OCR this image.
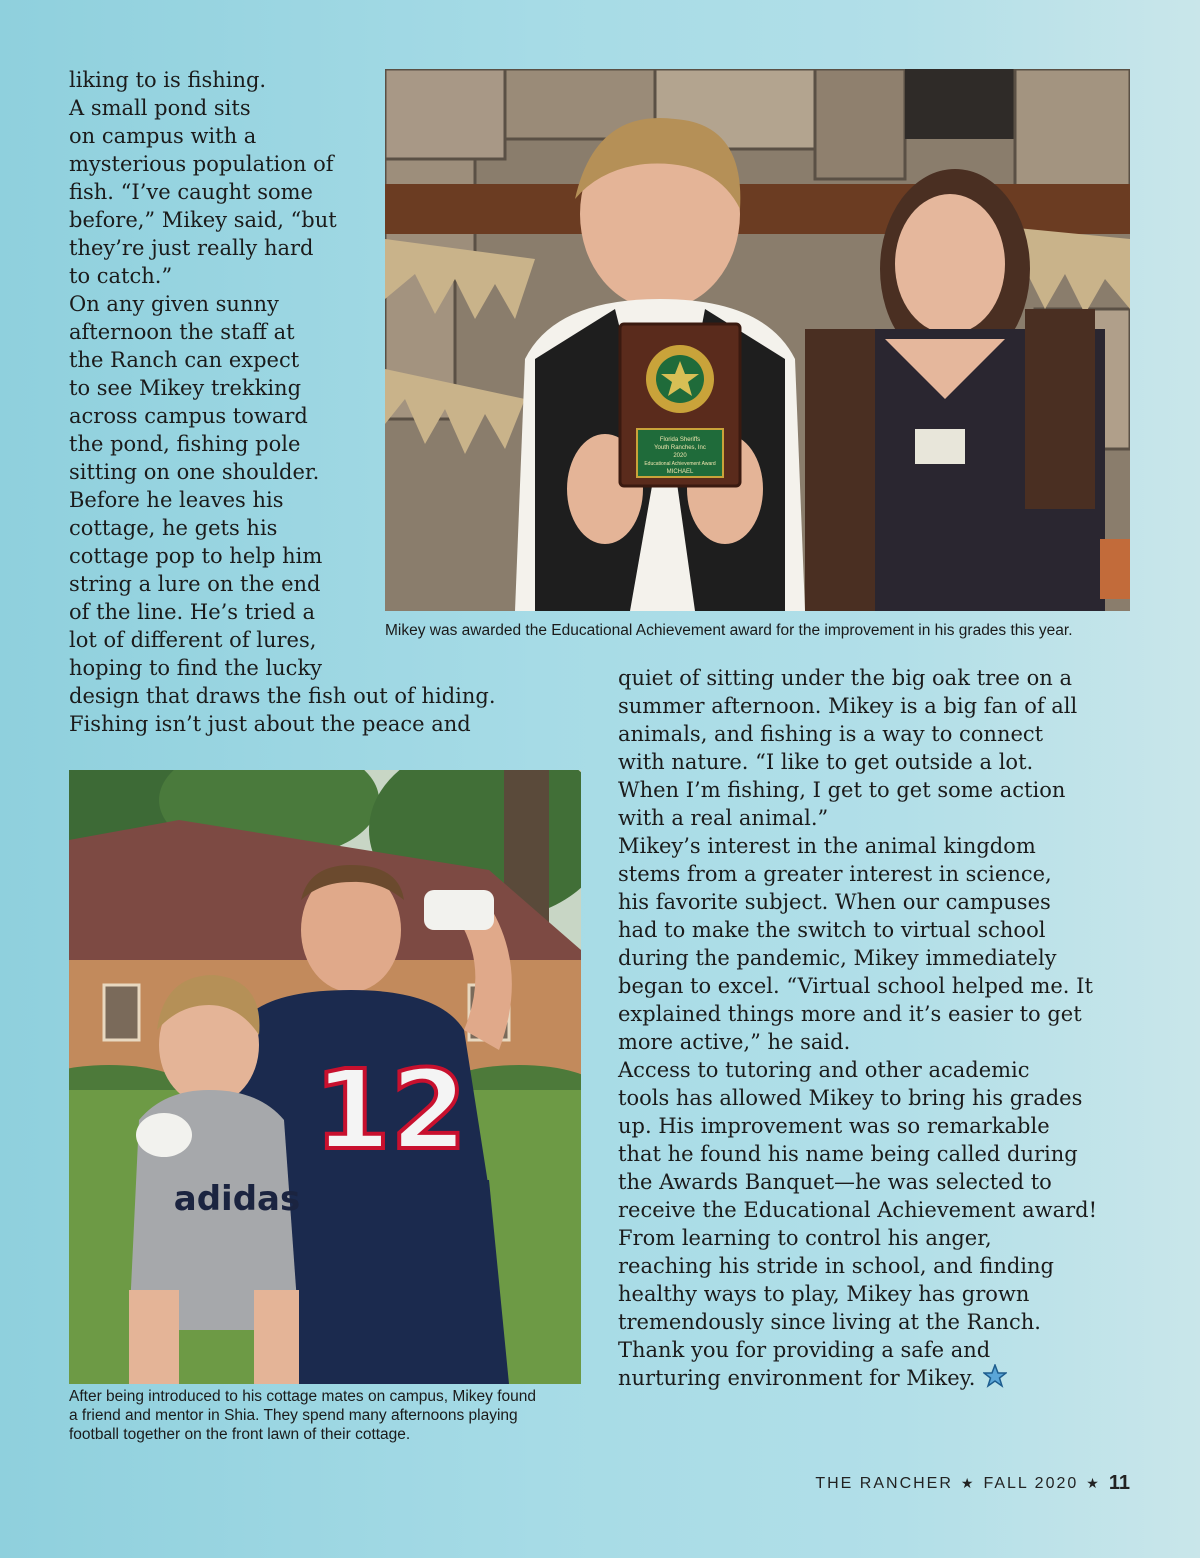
liking to is fishing.
A small pond sits
on campus with a
mysterious population of
fish. “I’ve caught some
before,” Mikey said, “but
they’re just really hard
to catch.”
On any given sunny
afternoon the staff at
the Ranch can expect
to see Mikey trekking
across campus toward
the pond, fishing pole
sitting on one shoulder.
Before he leaves his
cottage, he gets his
cottage pop to help him
string a lure on the end
of the line. He’s tried a
lot of different of lures,
hoping to find the lucky
design that draws the fish out of hiding.
Fishing isn’t just about the peace and

Florida Sheriffs
Youth Ranches, Inc
2020
Educational Achievement Award
MICHAEL

Mikey was awarded the Educational Achievement award for the improvement in his grades this year.

12
adidas

After being introduced to his cottage mates on campus, Mikey found
a friend and mentor in Shia. They spend many afternoons playing
football together on the front lawn of their cottage.

quiet of sitting under the big oak tree on a
summer afternoon. Mikey is a big fan of all
animals, and fishing is a way to connect
with nature. “I like to get outside a lot.
When I’m fishing, I get to get some action
with a real animal.”
Mikey’s interest in the animal kingdom
stems from a greater interest in science,
his favorite subject. When our campuses
had to make the switch to virtual school
during the pandemic, Mikey immediately
began to excel. “Virtual school helped me. It
explained things more and it’s easier to get
more active,” he said.
Access to tutoring and other academic
tools has allowed Mikey to bring his grades
up. His improvement was so remarkable
that he found his name being called during
the Awards Banquet—he was selected to
receive the Educational Achievement award!
From learning to control his anger,
reaching his stride in school, and finding
healthy ways to play, Mikey has grown
tremendously since living at the Ranch.
Thank you for providing a safe and
nurturing environment for Mikey.

THE RANCHER ★ FALL 2020 ★ 11
